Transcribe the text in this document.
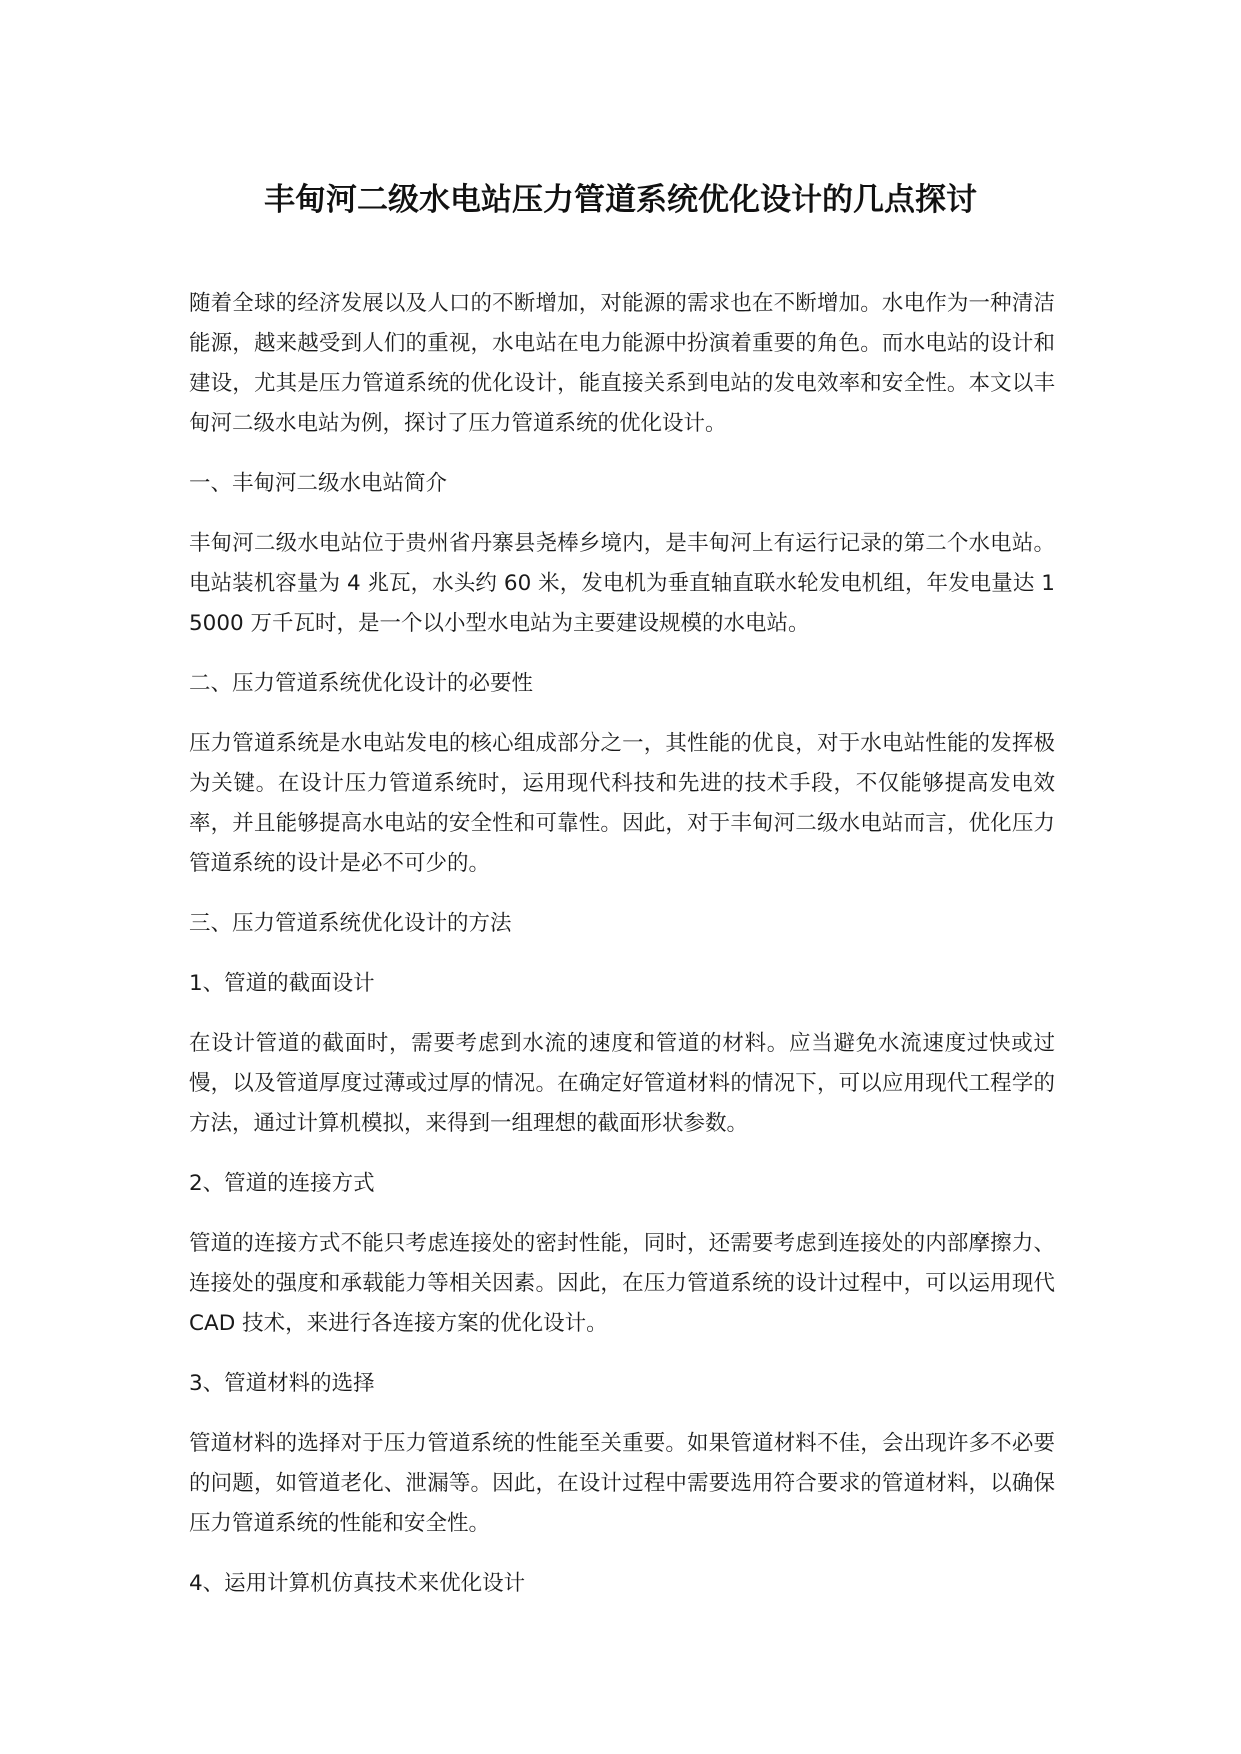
丰甸河二级水电站压力管道系统优化设计的几点探讨

随着全球的经济发展以及人口的不断增加，对能源的需求也在不断增加。水电作为一种清洁能源，越来越受到人们的重视，水电站在电力能源中扮演着重要的角色。而水电站的设计和建设，尤其是压力管道系统的优化设计，能直接关系到电站的发电效率和安全性。本文以丰甸河二级水电站为例，探讨了压力管道系统的优化设计。

一、丰甸河二级水电站简介

丰甸河二级水电站位于贵州省丹寨县尧棒乡境内，是丰甸河上有运行记录的第二个水电站。电站装机容量为 4 兆瓦，水头约 60 米，发电机为垂直轴直联水轮发电机组，年发电量达 15000 万千瓦时，是一个以小型水电站为主要建设规模的水电站。

二、压力管道系统优化设计的必要性

压力管道系统是水电站发电的核心组成部分之一，其性能的优良，对于水电站性能的发挥极为关键。在设计压力管道系统时，运用现代科技和先进的技术手段，不仅能够提高发电效率，并且能够提高水电站的安全性和可靠性。因此，对于丰甸河二级水电站而言，优化压力管道系统的设计是必不可少的。

三、压力管道系统优化设计的方法
1、管道的截面设计

在设计管道的截面时，需要考虑到水流的速度和管道的材料。应当避免水流速度过快或过慢，以及管道厚度过薄或过厚的情况。在确定好管道材料的情况下，可以应用现代工程学的方法，通过计算机模拟，来得到一组理想的截面形状参数。

2、管道的连接方式

管道的连接方式不能只考虑连接处的密封性能，同时，还需要考虑到连接处的内部摩擦力、连接处的强度和承载能力等相关因素。因此，在压力管道系统的设计过程中，可以运用现代 CAD 技术，来进行各连接方案的优化设计。

3、管道材料的选择

管道材料的选择对于压力管道系统的性能至关重要。如果管道材料不佳，会出现许多不必要的问题，如管道老化、泄漏等。因此，在设计过程中需要选用符合要求的管道材料，以确保压力管道系统的性能和安全性。

4、运用计算机仿真技术来优化设计
